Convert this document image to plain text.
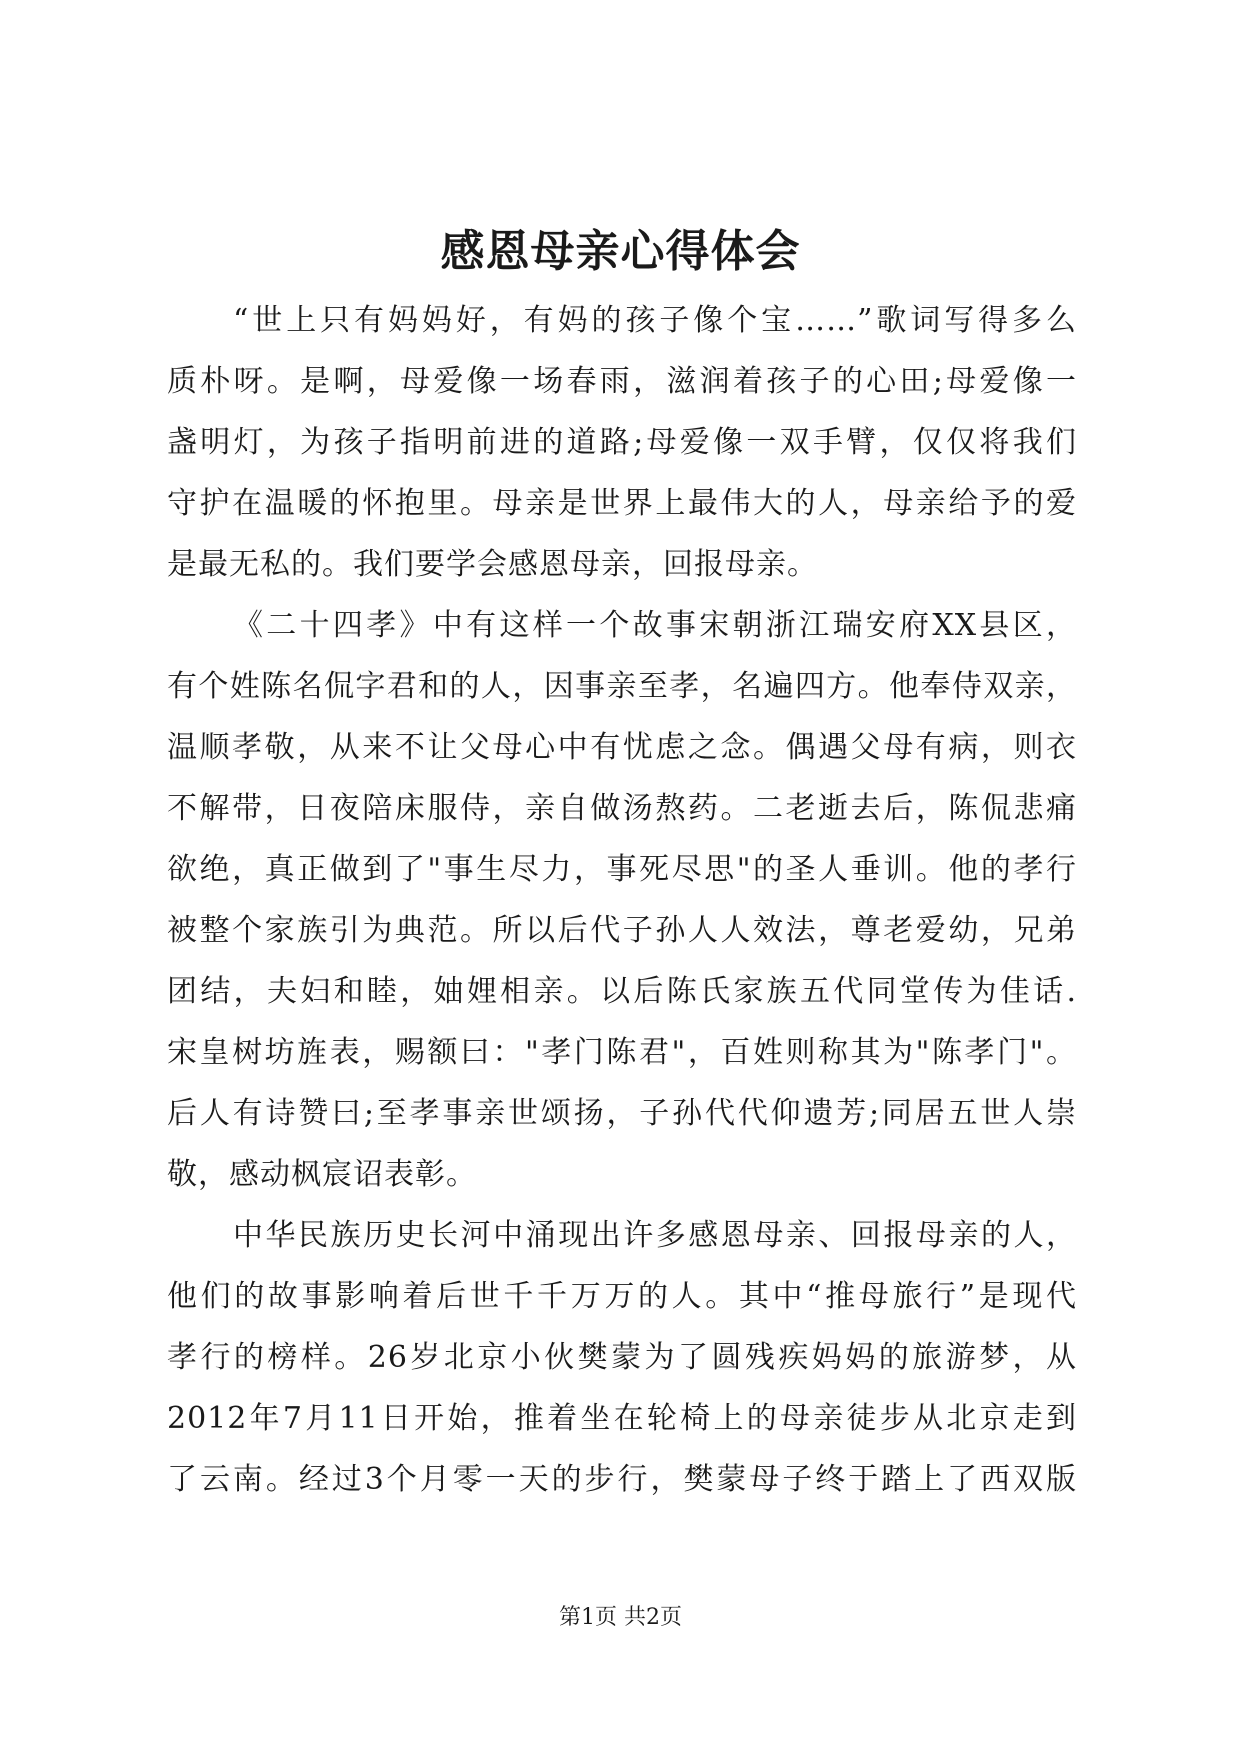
感恩母亲心得体会
“世上只有妈妈好，有妈的孩子像个宝……”歌词写得多么
质朴呀。是啊，母爱像一场春雨，滋润着孩子的心田;母爱像一
盏明灯，为孩子指明前进的道路;母爱像一双手臂，仅仅将我们
守护在温暖的怀抱里。母亲是世界上最伟大的人，母亲给予的爱
是最无私的。我们要学会感恩母亲，回报母亲。
《二十四孝》中有这样一个故事宋朝浙江瑞安府XX县区，
有个姓陈名侃字君和的人，因事亲至孝，名遍四方。他奉侍双亲，
温顺孝敬，从来不让父母心中有忧虑之念。偶遇父母有病，则衣
不解带，日夜陪床服侍，亲自做汤熬药。二老逝去后，陈侃悲痛
欲绝，真正做到了"事生尽力，事死尽思"的圣人垂训。他的孝行
被整个家族引为典范。所以后代子孙人人效法，尊老爱幼，兄弟
团结，夫妇和睦，妯娌相亲。以后陈氏家族五代同堂传为佳话.
宋皇树坊旌表，赐额曰："孝门陈君"，百姓则称其为"陈孝门"。
后人有诗赞曰;至孝事亲世颂扬，子孙代代仰遗芳;同居五世人崇
敬，感动枫宸诏表彰。
中华民族历史长河中涌现出许多感恩母亲、回报母亲的人，
他们的故事影响着后世千千万万的人。其中“推母旅行”是现代
孝行的榜样。26岁北京小伙樊蒙为了圆残疾妈妈的旅游梦，从
2012年7月11日开始，推着坐在轮椅上的母亲徒步从北京走到
了云南。经过3个月零一天的步行，樊蒙母子终于踏上了西双版
第1页 共2页
